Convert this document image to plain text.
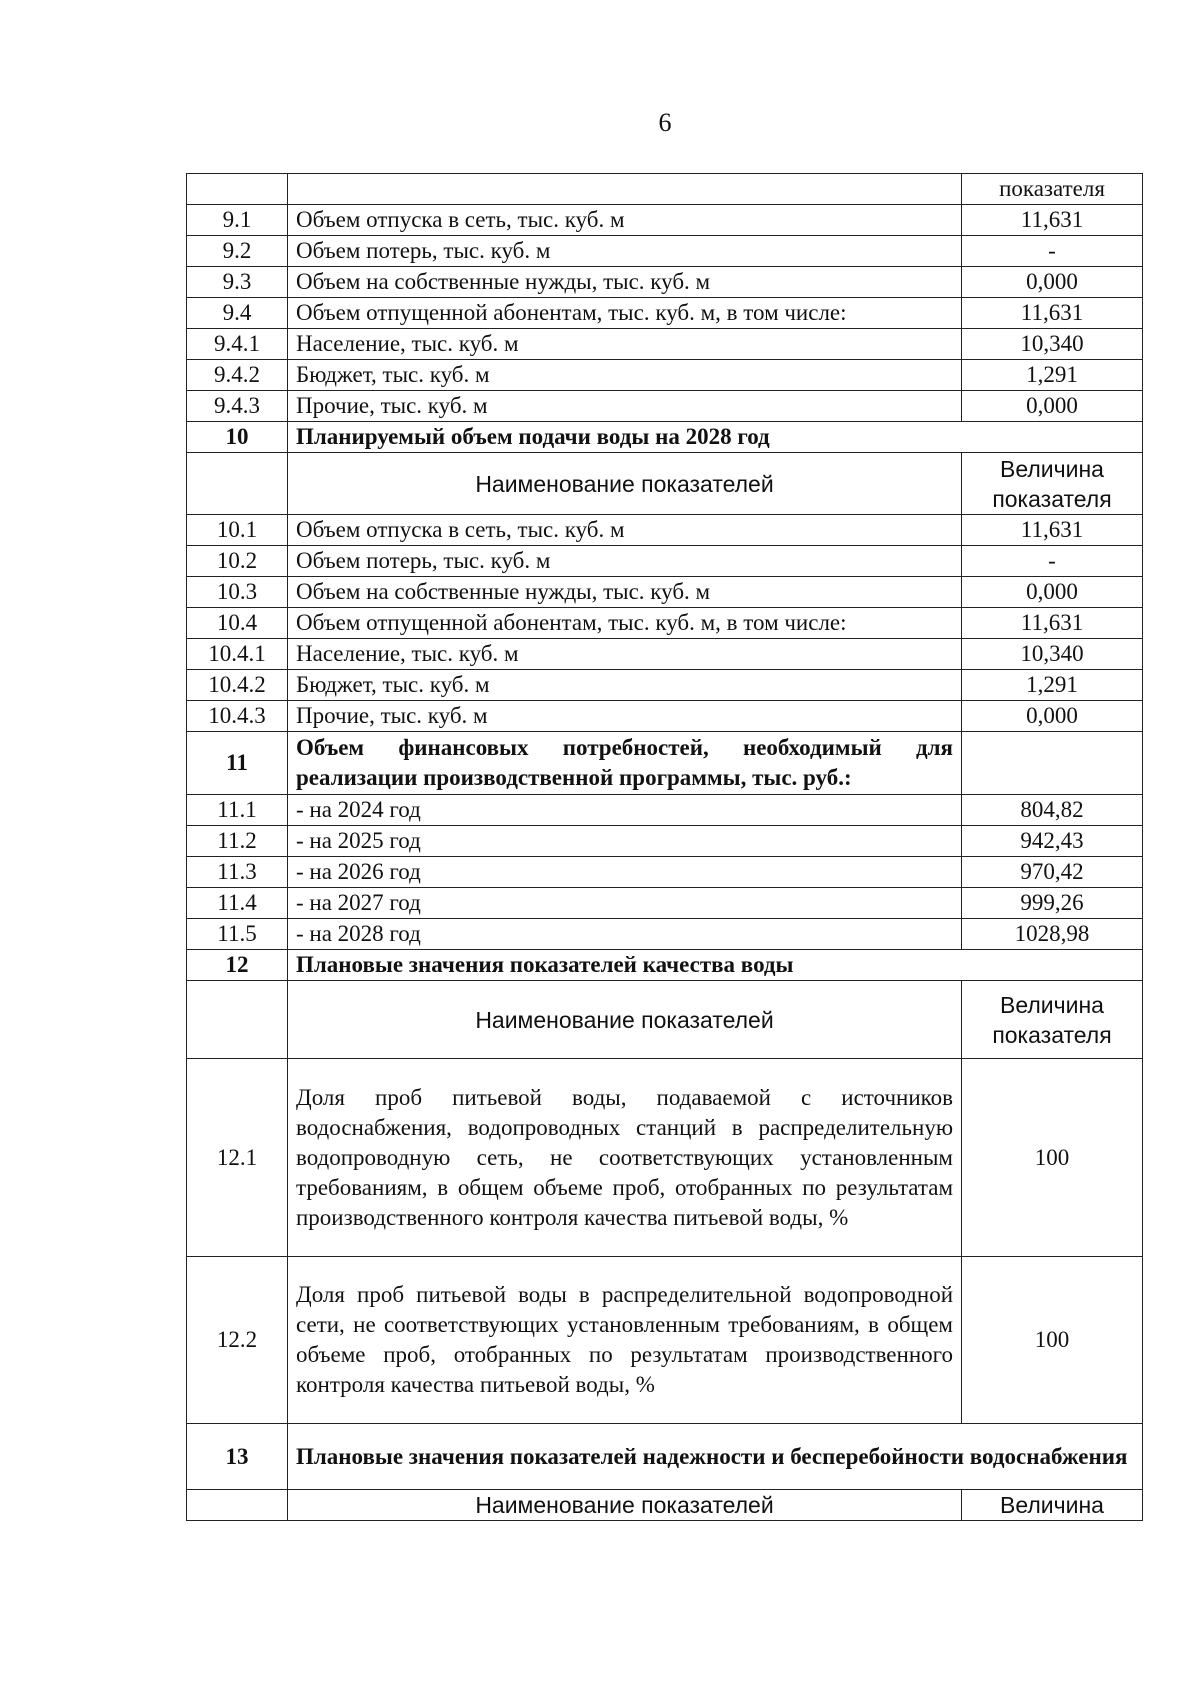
6
		показателя
9.1	Объем отпуска в сеть, тыс. куб. м	11,631
9.2	Объем потерь, тыс. куб. м	-
9.3	Объем на собственные нужды, тыс. куб. м	0,000
9.4	Объем отпущенной абонентам, тыс. куб. м, в том числе:	11,631
9.4.1	Население, тыс. куб. м	10,340
9.4.2	Бюджет, тыс. куб. м	1,291
9.4.3	Прочие, тыс. куб. м	0,000
10	Планируемый объем подачи воды на 2028 год	
	Наименование показателей	Величина показателя
10.1	Объем отпуска в сеть, тыс. куб. м	11,631
10.2	Объем потерь, тыс. куб. м	-
10.3	Объем на собственные нужды, тыс. куб. м	0,000
10.4	Объем отпущенной абонентам, тыс. куб. м, в том числе:	11,631
10.4.1	Население, тыс. куб. м	10,340
10.4.2	Бюджет, тыс. куб. м	1,291
10.4.3	Прочие, тыс. куб. м	0,000
11	Объем финансовых потребностей, необходимый для реализации производственной программы, тыс. руб.:	
11.1	- на 2024 год	804,82
11.2	- на 2025 год	942,43
11.3	- на 2026 год	970,42
11.4	- на 2027 год	999,26
11.5	- на 2028 год	1028,98
12	Плановые значения показателей качества воды	
	Наименование показателей	Величина показателя
12.1	Доля проб питьевой воды, подаваемой с источников водоснабжения, водопроводных станций в распределительную водопроводную сеть, не соответствующих установленным требованиям, в общем объеме проб, отобранных по результатам производственного контроля качества питьевой воды, %	100
12.2	Доля проб питьевой воды в распределительной водопроводной сети, не соответствующих установленным требованиям, в общем объеме проб, отобранных по результатам производственного контроля качества питьевой воды, %	100
13	Плановые значения показателей надежности и бесперебойности водоснабжения	
	Наименование показателей	Величина
